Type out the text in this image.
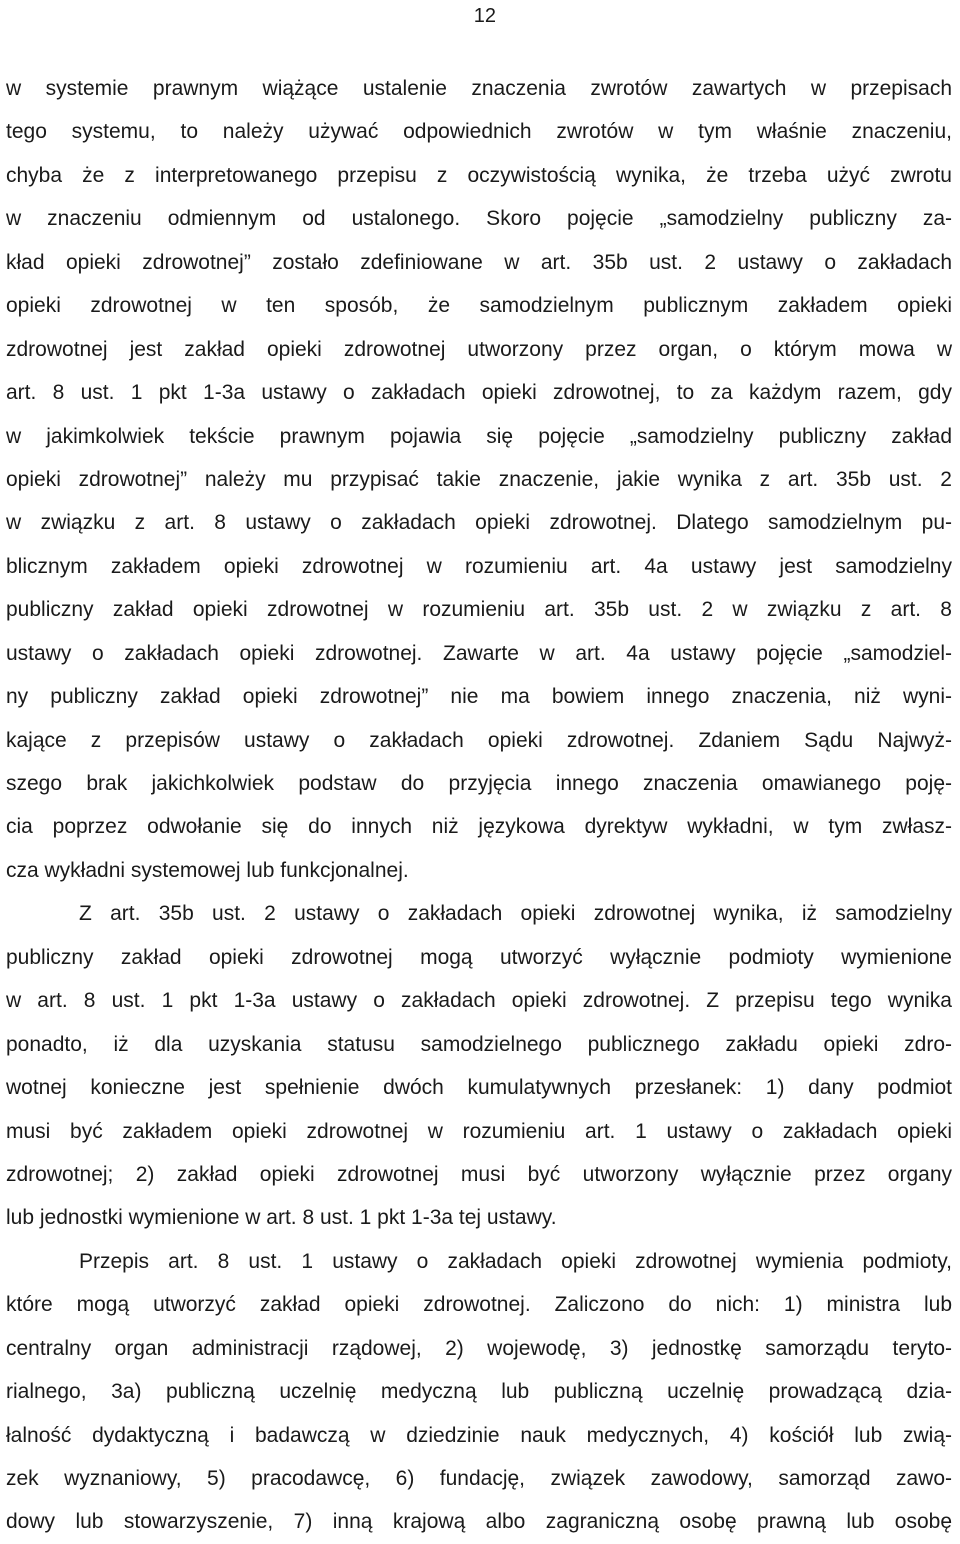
12
w systemie prawnym wiążące ustalenie znaczenia zwrotów zawartych w przepisach
tego systemu, to należy używać odpowiednich zwrotów w tym właśnie znaczeniu,
chyba że z interpretowanego przepisu z oczywistością wynika, że trzeba użyć zwrotu
w znaczeniu odmiennym od ustalonego. Skoro pojęcie „samodzielny publiczny za-
kład opieki zdrowotnej” zostało zdefiniowane w art. 35b ust. 2 ustawy o zakładach
opieki zdrowotnej w ten sposób, że samodzielnym publicznym zakładem opieki
zdrowotnej jest zakład opieki zdrowotnej utworzony przez organ, o którym mowa w
art. 8 ust. 1 pkt 1-3a ustawy o zakładach opieki zdrowotnej, to za każdym razem, gdy
w jakimkolwiek tekście prawnym pojawia się pojęcie „samodzielny publiczny zakład
opieki zdrowotnej” należy mu przypisać takie znaczenie, jakie wynika z art. 35b ust. 2
w związku z art. 8 ustawy o zakładach opieki zdrowotnej. Dlatego samodzielnym pu-
blicznym zakładem opieki zdrowotnej w rozumieniu art. 4a ustawy jest samodzielny
publiczny zakład opieki zdrowotnej w rozumieniu art. 35b ust. 2 w związku z art. 8
ustawy o zakładach opieki zdrowotnej. Zawarte w art. 4a ustawy pojęcie „samodziel-
ny publiczny zakład opieki zdrowotnej” nie ma bowiem innego znaczenia, niż wyni-
kające z przepisów ustawy o zakładach opieki zdrowotnej. Zdaniem Sądu Najwyż-
szego brak jakichkolwiek podstaw do przyjęcia innego znaczenia omawianego poję-
cia poprzez odwołanie się do innych niż językowa dyrektyw wykładni, w tym zwłasz-
cza wykładni systemowej lub funkcjonalnej.
Z art. 35b ust. 2 ustawy o zakładach opieki zdrowotnej wynika, iż samodzielny
publiczny zakład opieki zdrowotnej mogą utworzyć wyłącznie podmioty wymienione
w art. 8 ust. 1 pkt 1-3a ustawy o zakładach opieki zdrowotnej. Z przepisu tego wynika
ponadto, iż dla uzyskania statusu samodzielnego publicznego zakładu opieki zdro-
wotnej konieczne jest spełnienie dwóch kumulatywnych przesłanek: 1) dany podmiot
musi być zakładem opieki zdrowotnej w rozumieniu art. 1 ustawy o zakładach opieki
zdrowotnej; 2) zakład opieki zdrowotnej musi być utworzony wyłącznie przez organy
lub jednostki wymienione w art. 8 ust. 1 pkt 1-3a tej ustawy.
Przepis art. 8 ust. 1 ustawy o zakładach opieki zdrowotnej wymienia podmioty,
które mogą utworzyć zakład opieki zdrowotnej. Zaliczono do nich: 1) ministra lub
centralny organ administracji rządowej, 2) wojewodę, 3) jednostkę samorządu teryto-
rialnego, 3a) publiczną uczelnię medyczną lub publiczną uczelnię prowadzącą dzia-
łalność dydaktyczną i badawczą w dziedzinie nauk medycznych, 4) kościół lub zwią-
zek wyznaniowy, 5) pracodawcę, 6) fundację, związek zawodowy, samorząd zawo-
dowy lub stowarzyszenie, 7) inną krajową albo zagraniczną osobę prawną lub osobę
